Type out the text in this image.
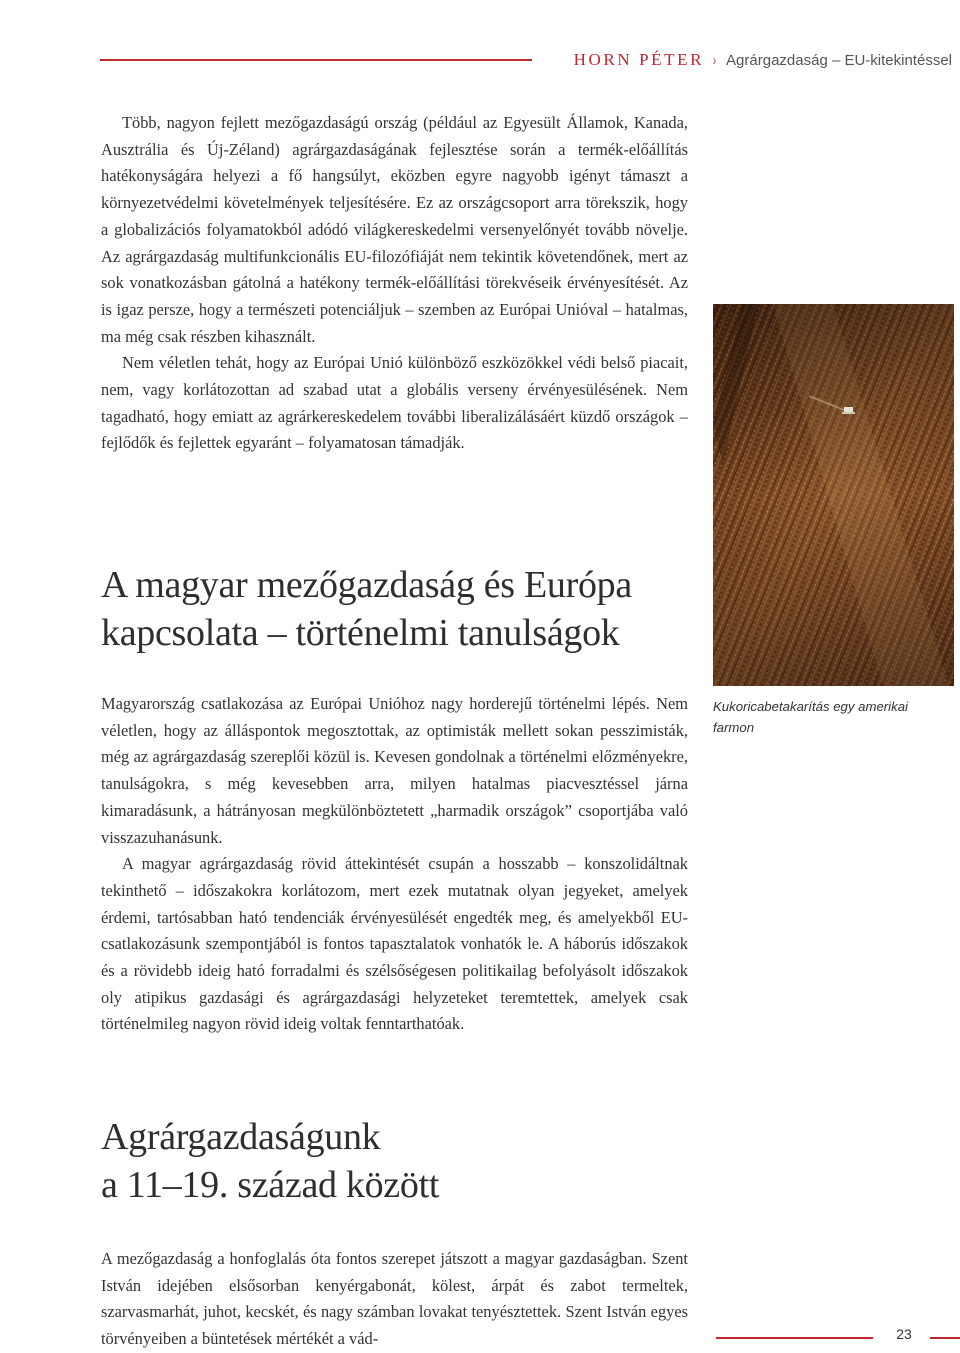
HORN PÉTER › Agrárgazdaság – EU-kitekintéssel

Több, nagyon fejlett mezőgazdaságú ország (például az Egyesült Államok, Kanada, Ausztrália és Új-Zéland) agrárgazdaságának fejlesztése során a termék-előállítás hatékonyságára helyezi a fő hangsúlyt, eközben egyre nagyobb igényt támaszt a környezetvédelmi követelmények teljesítésére. Ez az országcsoport arra törekszik, hogy a globalizációs folyamatokból adódó világkereskedelmi versenyelőnyét tovább növelje. Az agrárgazdaság multifunkcionális EU-filozófiáját nem tekintik követendőnek, mert az sok vonatkozásban gátolná a hatékony termék-előállítási törekvéseik érvényesítését. Az is igaz persze, hogy a természeti potenciáljuk – szemben az Európai Unióval – hatalmas, ma még csak részben kihasznált.

Nem véletlen tehát, hogy az Európai Unió különböző eszközökkel védi belső piacait, nem, vagy korlátozottan ad szabad utat a globális verseny érvényesülésének. Nem tagadható, hogy emiatt az agrárkereskedelem további liberalizálásáért küzdő országok – fejlődők és fejlettek egyaránt – folyamatosan támadják.

A magyar mezőgazdaság és Európa
kapcsolata – történelmi tanulságok

Magyarország csatlakozása az Európai Unióhoz nagy horderejű történelmi lépés. Nem véletlen, hogy az álláspontok megosztottak, az optimisták mellett sokan pesszimisták, még az agrárgazdaság szereplői közül is. Kevesen gondolnak a történelmi előzményekre, tanulságokra, s még kevesebben arra, milyen hatalmas piacvesztéssel járna kimaradásunk, a hátrányosan megkülönböztetett „harmadik országok” csoportjába való visszazuhanásunk.

A magyar agrárgazdaság rövid áttekintését csupán a hosszabb – konszolidáltnak tekinthető – időszakokra korlátozom, mert ezek mutatnak olyan jegyeket, amelyek érdemi, tartósabban ható tendenciák érvényesülését engedték meg, és amelyekből EU-csatlakozásunk szempontjából is fontos tapasztalatok vonhatók le. A háborús időszakok és a rövidebb ideig ható forradalmi és szélsőségesen politikailag befolyásolt időszakok oly atipikus gazdasági és agrárgazdasági helyzeteket teremtettek, amelyek csak történelmileg nagyon rövid ideig voltak fenntarthatóak.

Agrárgazdaságunk
a 11–19. század között

A mezőgazdaság a honfoglalás óta fontos szerepet játszott a magyar gazdaságban. Szent István idejében elsősorban kenyérgabonát, kölest, árpát és zabot termeltek, szarvasmarhát, juhot, kecskét, és nagy számban lovakat tenyésztettek. Szent István egyes törvényeiben a büntetések mértékét a vád-

Kukoricabetakarítás egy amerikai farmon
23
